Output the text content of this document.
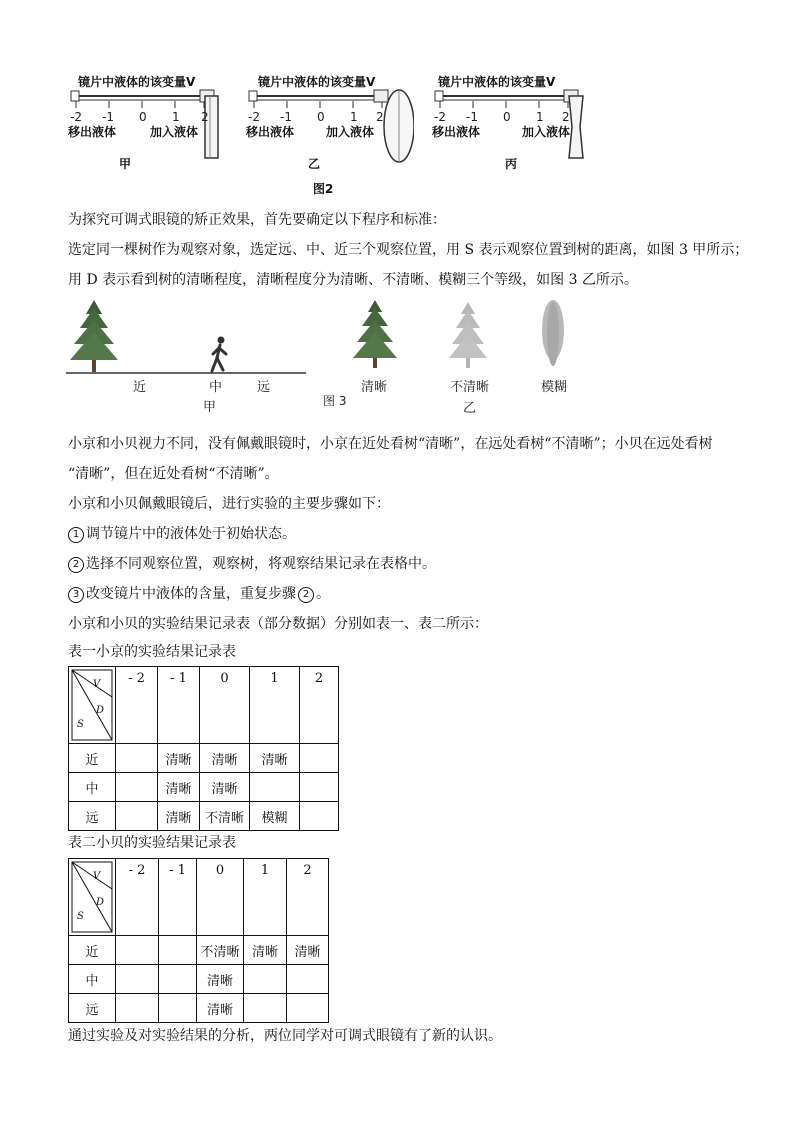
镜片中液体的该变量V
-2 -1 0 1 2
移出液体	加入液体
甲
镜片中液体的该变量V
-2 -1 0 1 2
移出液体	加入液体
乙
镜片中液体的该变量V
-2 -1 0 1 2
移出液体	加入液体
丙
图2
为探究可调式眼镜的矫正效果，首先要确定以下程序和标准：
选定同一棵树作为观察对象，选定远、中、近三个观察位置，用 S 表示观察位置到树的距离，如图 3 甲所示；
用 D 表示看到树的清晰程度，清晰程度分为清晰、不清晰、模糊三个等级，如图 3 乙所示。
近	中	远
甲	图 3
清晰	不清晰	模糊
乙
小京和小贝视力不同，没有佩戴眼镜时，小京在近处看树“清晰”，在远处看树“不清晰”；小贝在远处看树
“清晰”，但在近处看树“不清晰”。
小京和小贝佩戴眼镜后，进行实验的主要步骤如下：
1 调节镜片中的液体处于初始状态。
2 选择不同观察位置，观察树，将观察结果记录在表格中。
3 改变镜片中液体的含量，重复步骤 2 。
小京和小贝的实验结果记录表（部分数据）分别如表一、表二所示：
表一小京的实验结果记录表
V
D
S	- 2	- 1	0	1	2

近		清晰	清晰	清晰	
中		清晰	清晰		
远		清晰	不清晰	模糊	
表二小贝的实验结果记录表
V
D
S	- 2	- 1	0	1	2

近			不清晰	清晰	清晰
中			清晰		
远			清晰		
通过实验及对实验结果的分析，两位同学对可调式眼镜有了新的认识。
